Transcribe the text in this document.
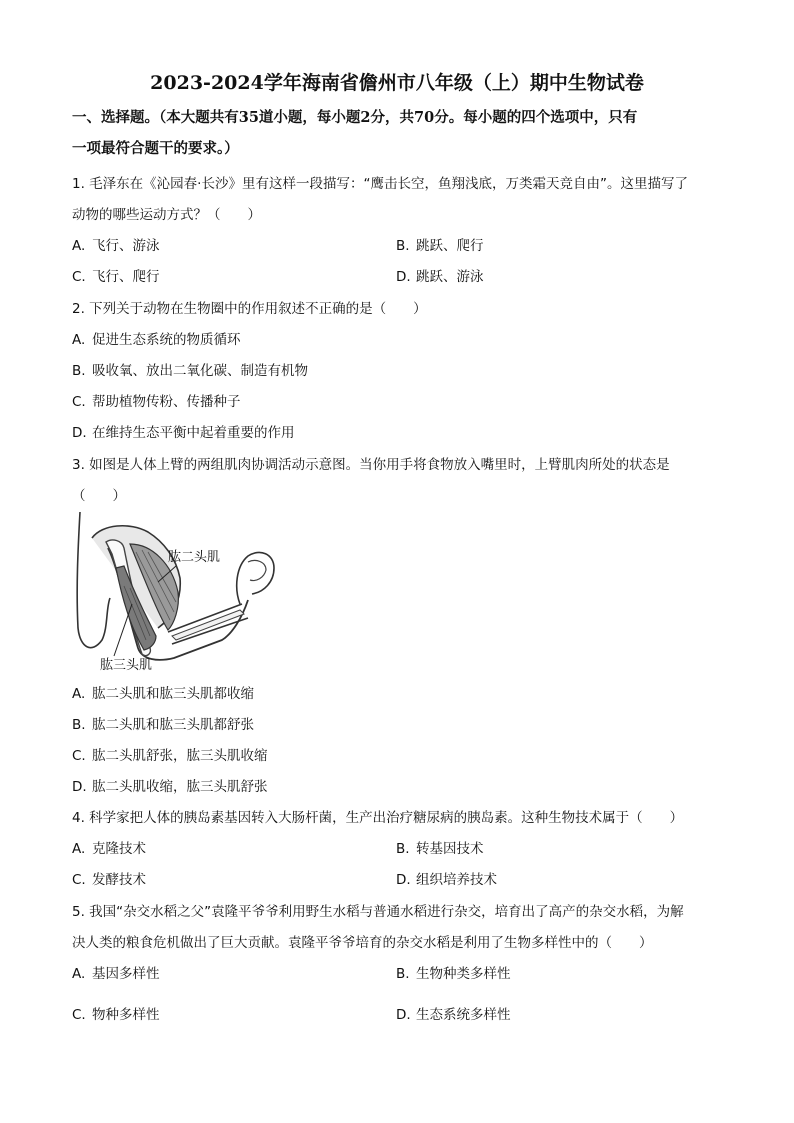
2023-2024学年海南省儋州市八年级（上）期中生物试卷
一、选择题。（本大题共有35道小题，每小题2分，共70分。每小题的四个选项中，只有
一项最符合题干的要求。）
1. 毛泽东在《沁园春·长沙》里有这样一段描写：“鹰击长空，鱼翔浅底，万类霜天竞自由”。这里描写了
动物的哪些运动方式？（　　）
A. 飞行、游泳	B. 跳跃、爬行
C. 飞行、爬行	D. 跳跃、游泳
2. 下列关于动物在生物圈中的作用叙述不正确的是（　　）
A. 促进生态系统的物质循环
B. 吸收氧、放出二氧化碳、制造有机物
C. 帮助植物传粉、传播种子
D. 在维持生态平衡中起着重要的作用
3. 如图是人体上臂的两组肌肉协调活动示意图。当你用手将食物放入嘴里时，上臂肌肉所处的状态是
（　　）
肱二头肌
肱三头肌
A. 肱二头肌和肱三头肌都收缩
B. 肱二头肌和肱三头肌都舒张
C. 肱二头肌舒张，肱三头肌收缩
D. 肱二头肌收缩，肱三头肌舒张
4. 科学家把人体的胰岛素基因转入大肠杆菌，生产出治疗糖尿病的胰岛素。这种生物技术属于（　　）
A. 克隆技术	B. 转基因技术
C. 发酵技术	D. 组织培养技术
5. 我国“杂交水稻之父”袁隆平爷爷利用野生水稻与普通水稻进行杂交，培育出了高产的杂交水稻，为解
决人类的粮食危机做出了巨大贡献。袁隆平爷爷培育的杂交水稻是利用了生物多样性中的（　　）
A. 基因多样性	B. 生物种类多样性
C. 物种多样性	D. 生态系统多样性
